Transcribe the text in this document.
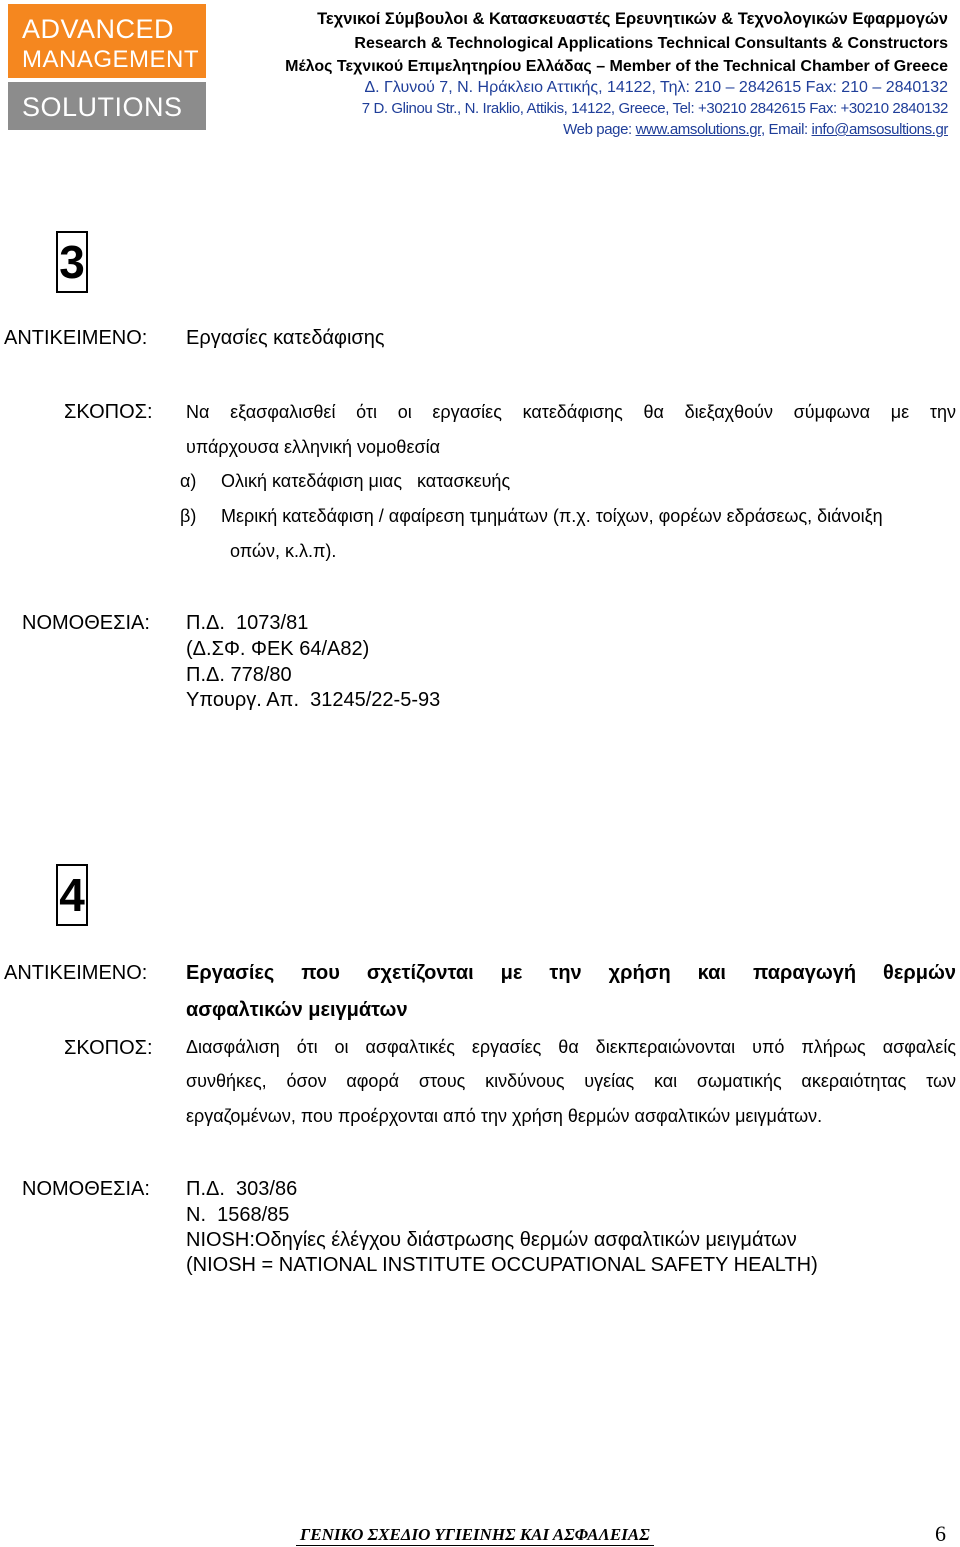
ADVANCED
MANAGEMENT
SOLUTIONS
Τεχνικοί Σύμβουλοι & Κατασκευαστές Ερευνητικών & Τεχνολογικών Εφαρμογών
Research & Technological Applications Technical Consultants & Constructors
Μέλος Τεχνικού Επιμελητηρίου Ελλάδας – Member of the Technical Chamber of Greece
Δ. Γλυνού 7, Ν. Ηράκλειο Αττικής, 14122, Τηλ: 210 – 2842615 Fax: 210 – 2840132
7 D. Glinou Str., N. Iraklio, Attikis, 14122, Greece, Tel: +30210 2842615 Fax: +30210 2840132
Web page: www.amsolutions.gr, Email: info@amsosultions.gr
3
ΑΝΤΙΚΕΙΜΕΝΟ: Εργασίες κατεδάφισης
ΣΚΟΠΟΣ: Να εξασφαλισθεί ότι οι εργασίες κατεδάφισης θα διεξαχθούν σύμφωνα με την
υπάρχουσα ελληνική νομοθεσία
α) Ολική κατεδάφιση μιας   κατασκευής
β) Μερική κατεδάφιση / αφαίρεση τμημάτων (π.χ. τοίχων, φορέων εδράσεως, διάνοιξη
οπών, κ.λ.π).
ΝΟΜΟΘΕΣΙΑ: Π.Δ.  1073/81
(Δ.ΣΦ. ΦΕΚ 64/Α82)
Π.Δ. 778/80
Υπουργ. Απ.  31245/22-5-93
4
ΑΝΤΙΚΕΙΜΕΝΟ: Εργασίες που σχετίζονται με την χρήση και παραγωγή θερμών
ασφαλτικών μειγμάτων
ΣΚΟΠΟΣ: Διασφάλιση ότι οι ασφαλτικές εργασίες θα διεκπεραιώνονται υπό πλήρως ασφαλείς
συνθήκες, όσον αφορά στους κινδύνους υγείας και σωματικής ακεραιότητας των
εργαζομένων, που προέρχονται από την χρήση θερμών ασφαλτικών μειγμάτων.
ΝΟΜΟΘΕΣΙΑ: Π.Δ.  303/86
Ν.  1568/85
NIOSH:Οδηγίες έλέγχου διάστρωσης θερμών ασφαλτικών μειγμάτων
(NIOSH = NATIONAL INSTITUTE OCCUPATIONAL SAFETY HEALTH)
ΓΕΝΙΚΟ ΣΧΕΔΙΟ ΥΓΙΕΙΝΗΣ ΚΑΙ ΑΣΦΑΛΕΙΑΣ	6
